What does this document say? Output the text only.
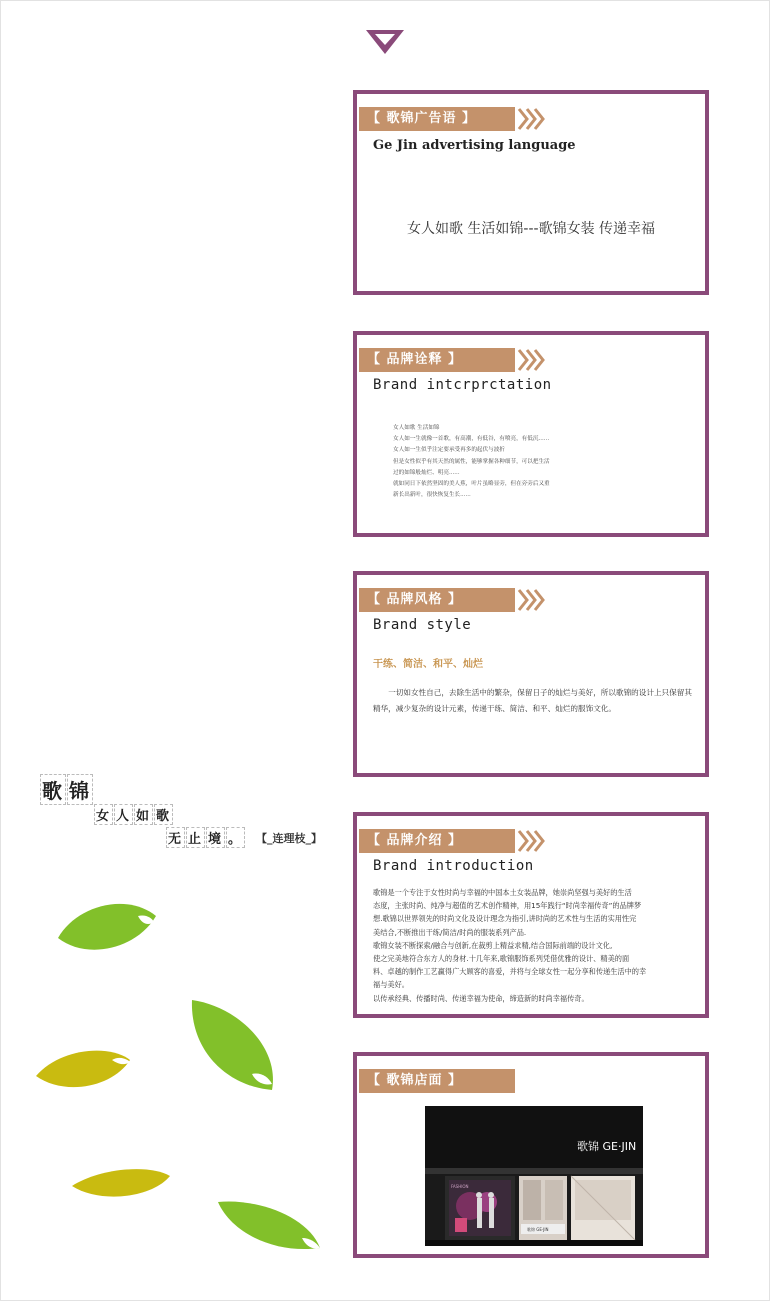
【 歌锦广告语 】
Ge Jin advertising language
女人如歌 生活如锦---歌锦女装 传递幸福
【 品牌诠释 】
Brand intcrprctation
女人如歌 生活如锦
女人如一生就像一首歌，有高潮，有低谷，有喷亮，有低沉......
女人如一生似乎注定要承受再多的起伏与波折
但是女性似乎有其天然的属性，能够掌握各种细节，可以把生活
过的如锦般灿烂、明亮......
就如同日下依然坚固的美人蕉，叶片虽略显旁，但在旁旁后又重
新长出新叶，很快恢复生长......
【 品牌风格 】
Brand style
干练、简洁、和平、灿烂
一切如女性自己，去除生活中的繁杂，保留日子的灿烂与美好，所以歌锦的设计上只保留其精华，减少复杂的设计元素，传递干练、简洁、和平、灿烂的服饰文化。
【 品牌介绍 】
Brand introduction
歌锦是一个专注于女性时尚与幸福的中国本土女装品牌，她崇尚坚强与美好的生活
态度，主张时尚、纯净与超值的艺术创作精神，用15年践行“时尚幸福传奇”的品牌梦
想.歌锦以世界领先的时尚文化及设计理念为指引,讲时尚的艺术性与生活的实用性完
美结合,不断推出干练/简洁/时尚的服装系列产品.
歌锦女装不断探索/融合与创新,在裁剪上精益求精,结合国际前端的设计文化,
使之完美地符合东方人的身材.十几年来,歌锦服饰系列凭借优雅的设计、精美的面
料、卓越的制作工艺赢得广大顾客的喜爱，并将与全球女性一起分享和传递生活中的幸
福与美好。
以传承经典、传播时尚、传递幸福为使命，缔造新的时尚幸福传奇。
【 歌锦店面 】
歌锦 GE·JIN
FASHION
歌锦 GE·JIN
歌 锦
女 人 如 歌
无 止 境 。 【_连理枝_】
